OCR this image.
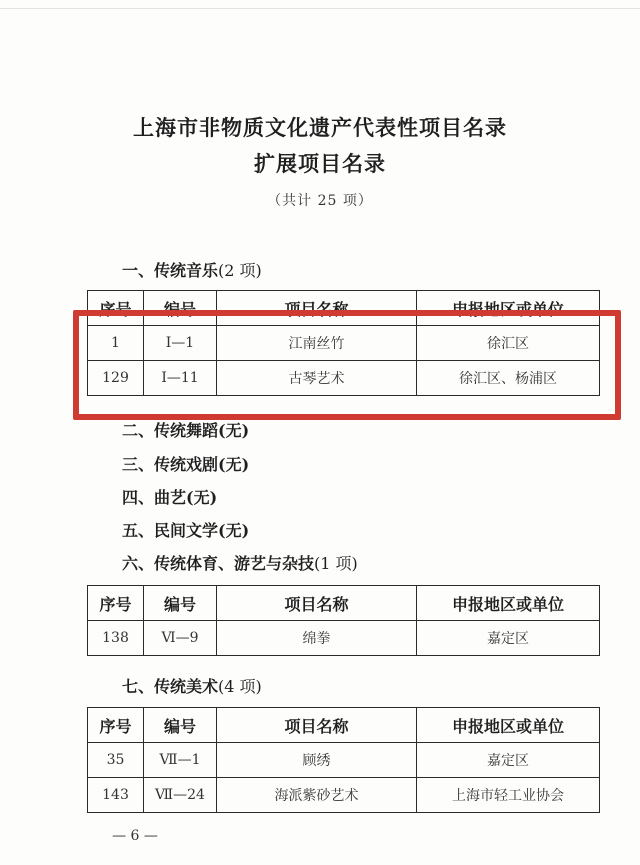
上海市非物质文化遗产代表性项目名录
扩展项目名录
（共计 25 项）
一、传统音乐(2 项)
序号	编号	项目名称	申报地区或单位
1	Ⅰ—1	江南丝竹	徐汇区
129	Ⅰ—11	古琴艺术	徐汇区、杨浦区
二、传统舞蹈(无)
三、传统戏剧(无)
四、曲艺(无)
五、民间文学(无)
六、传统体育、游艺与杂技(1 项)
序号	编号	项目名称	申报地区或单位
138	Ⅵ—9	绵拳	嘉定区
七、传统美术(4 项)
序号	编号	项目名称	申报地区或单位
35	Ⅶ—1	顾绣	嘉定区
143	Ⅶ—24	海派紫砂艺术	上海市轻工业协会
— 6 —
